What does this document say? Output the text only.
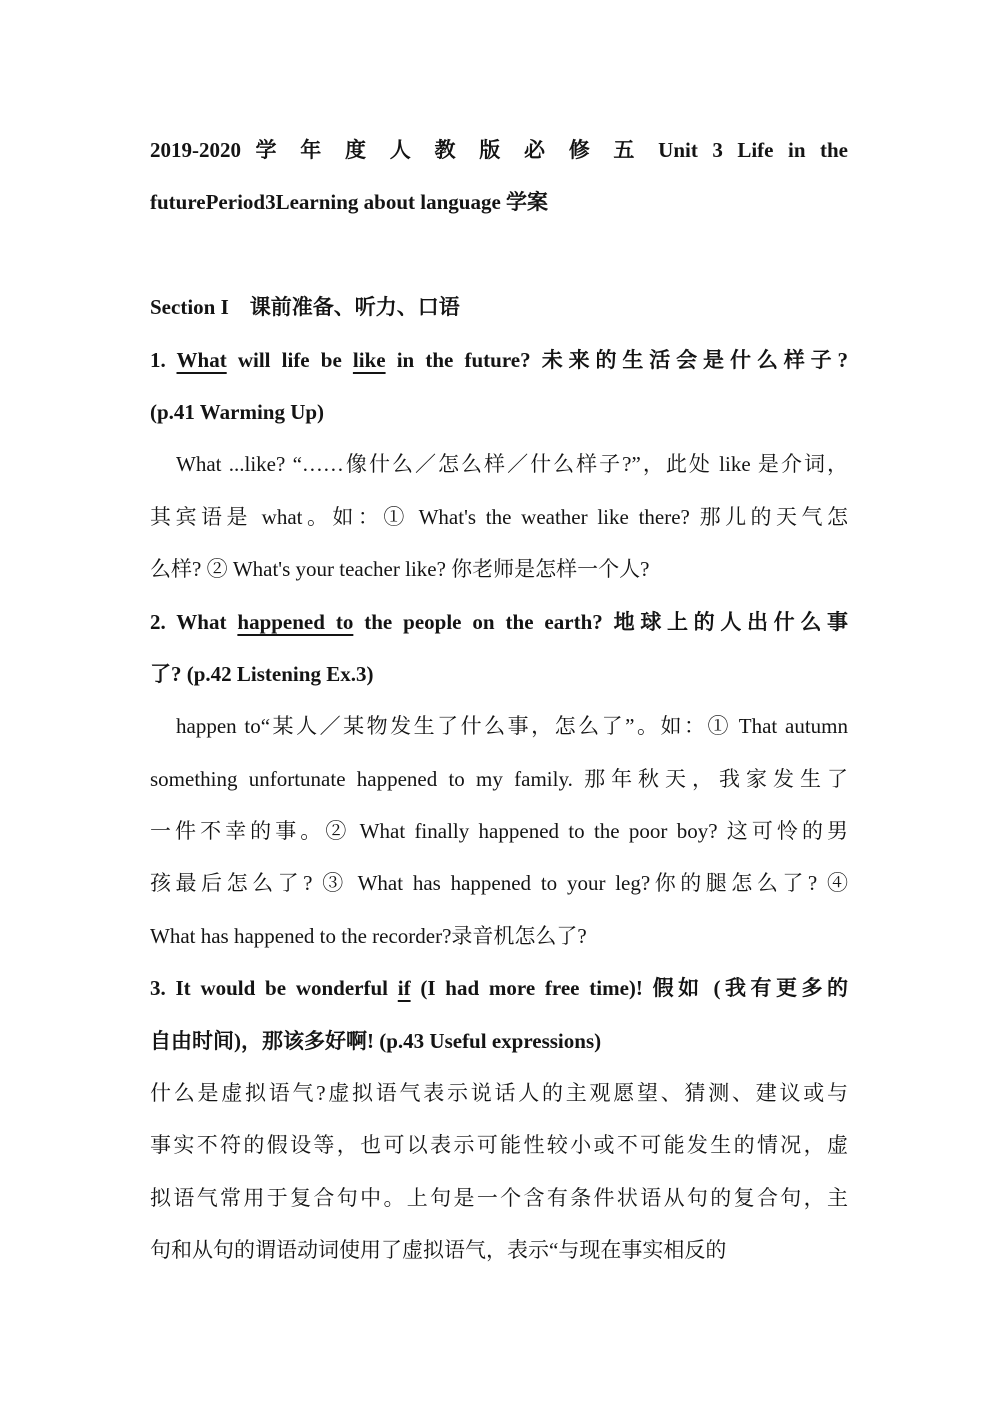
2019-2020 学 年 度 人 教 版 必 修 五 Unit 3 Life in the
futurePeriod3Learning about language 学案
Section I　课前准备、听力、口语
1. What will life be like in the future? 未来的生活会是什么样子?
(p.41 Warming Up)
What ...like? “……像什么／怎么样／什么样子?”，此处 like 是介词，
其宾语是 what。如：① What's the weather like there? 那儿的天气怎
么样? ② What's your teacher like? 你老师是怎样一个人?
2. What happened to the people on the earth? 地球上的人出什么事
了? (p.42 Listening Ex.3)
happen to“某人／某物发生了什么事，怎么了”。如：① That autumn
something unfortunate happened to my family. 那年秋天，我家发生了
一件不幸的事。② What finally happened to the poor boy? 这可怜的男
孩最后怎么了? ③ What has happened to your leg?你的腿怎么了? ④
What has happened to the recorder?录音机怎么了?
3. It would be wonderful if (I had more free time)! 假如 (我有更多的
自由时间)，那该多好啊! (p.43 Useful expressions)
什么是虚拟语气?虚拟语气表示说话人的主观愿望、猜测、建议或与
事实不符的假设等，也可以表示可能性较小或不可能发生的情况，虚
拟语气常用于复合句中。上句是一个含有条件状语从句的复合句，主
句和从句的谓语动词使用了虚拟语气，表示“与现在事实相反的
